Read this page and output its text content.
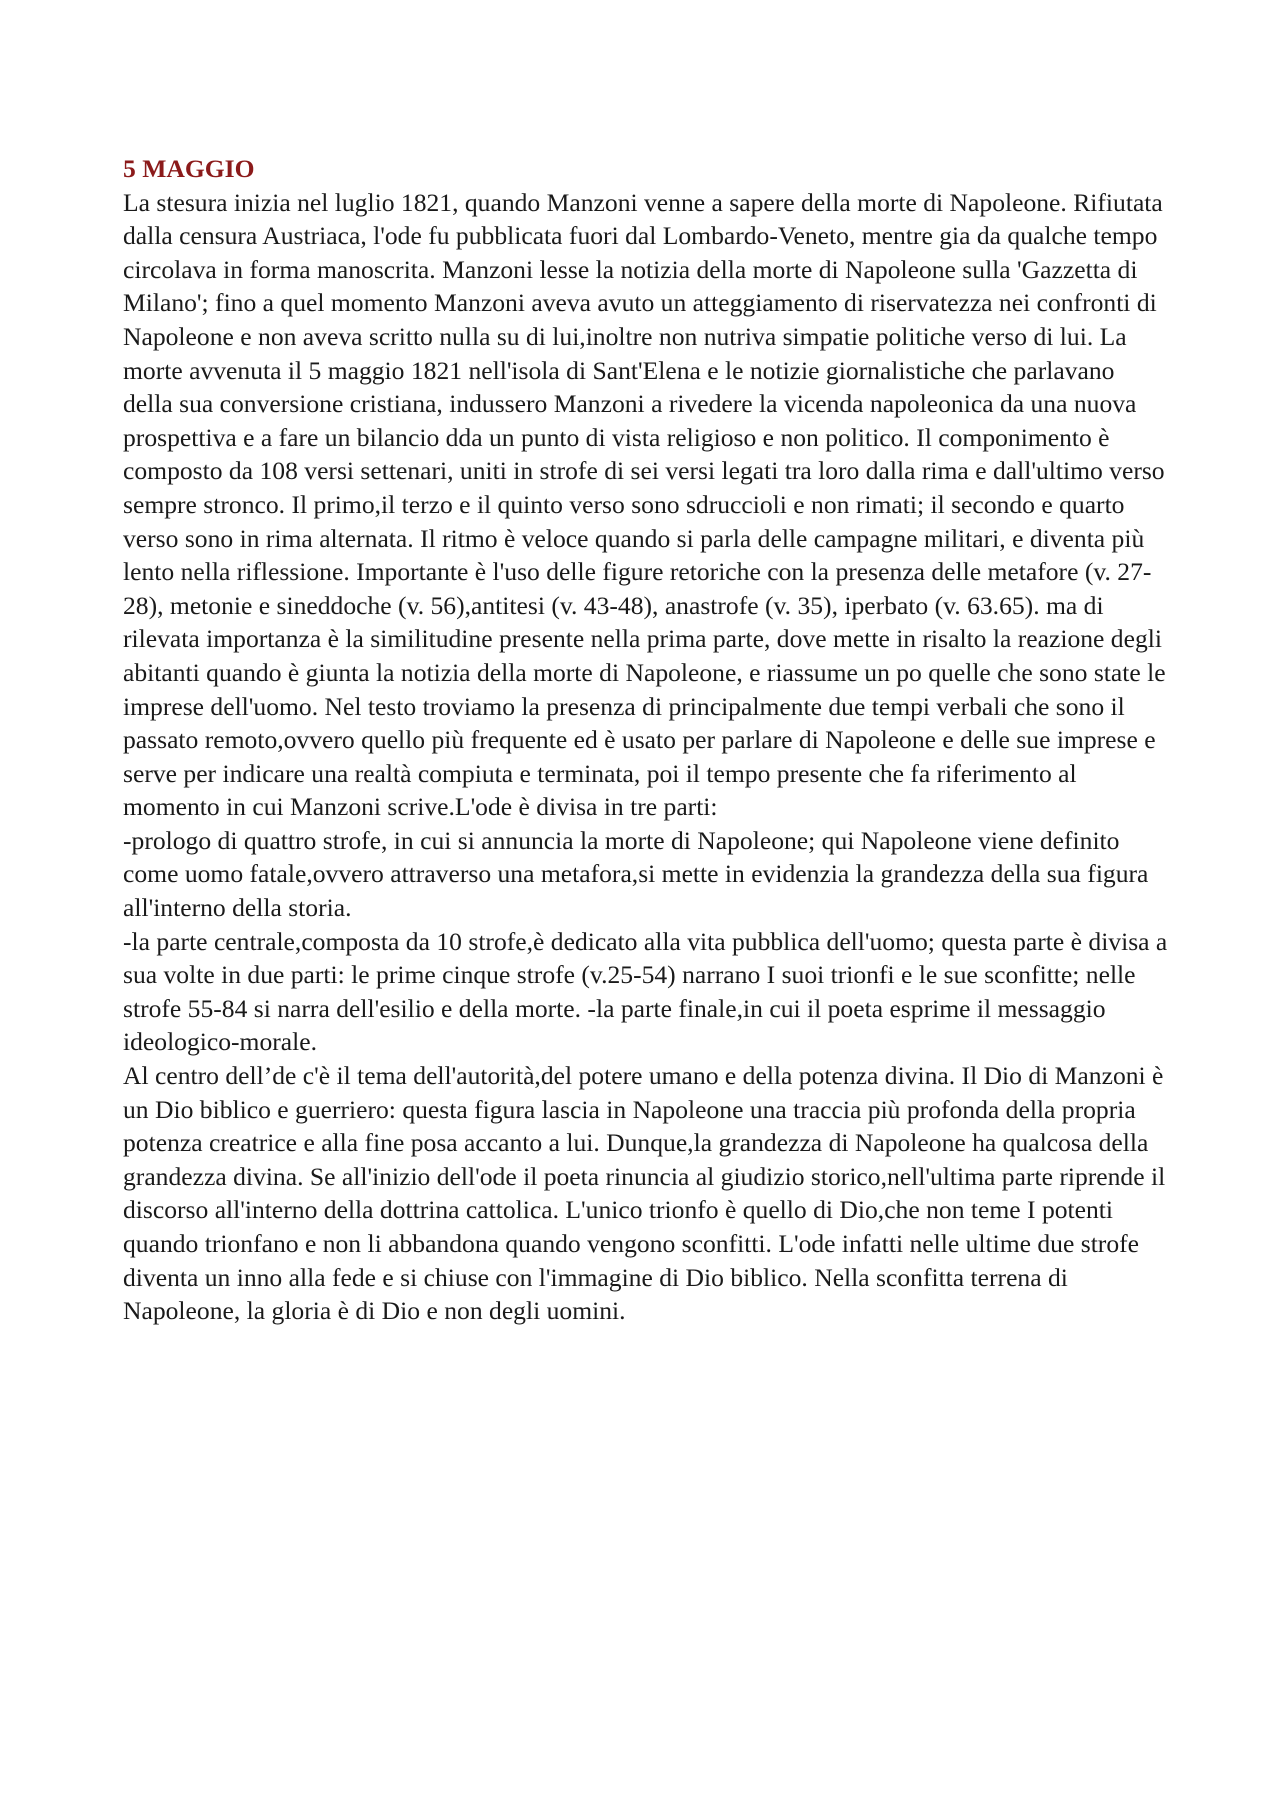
5 MAGGIO

La stesura inizia nel luglio 1821, quando Manzoni venne a sapere della morte di Napoleone. Rifiutata dalla censura Austriaca, l'ode fu pubblicata fuori dal Lombardo-Veneto, mentre gia da qualche tempo circolava in forma manoscrita. Manzoni lesse la notizia della morte di Napoleone sulla 'Gazzetta di Milano'; fino a quel momento Manzoni aveva avuto un atteggiamento di riservatezza nei confronti di Napoleone e non aveva scritto nulla su di lui,inoltre non nutriva simpatie politiche verso di lui. La morte avvenuta il 5 maggio 1821 nell'isola di Sant'Elena e le notizie giornalistiche che parlavano della sua conversione cristiana, indussero Manzoni a rivedere la vicenda napoleonica da una nuova prospettiva e a fare un bilancio dda un punto di vista religioso e non politico. Il componimento è composto da 108 versi settenari, uniti in strofe di sei versi legati tra loro dalla rima e dall'ultimo verso sempre stronco. Il primo,il terzo e il quinto verso sono sdruccioli e non rimati; il secondo e quarto verso sono in rima alternata. Il ritmo è veloce quando si parla delle campagne militari, e diventa più lento nella riflessione. Importante è l'uso delle figure retoriche con la presenza delle metafore (v. 27-28), metonie e sineddoche (v. 56),antitesi (v. 43-48), anastrofe (v. 35), iperbato (v. 63.65). ma di rilevata importanza è la similitudine presente nella prima parte, dove mette in risalto la reazione degli abitanti quando è giunta la notizia della morte di Napoleone, e riassume un po quelle che sono state le imprese dell'uomo. Nel testo troviamo la presenza di principalmente due tempi verbali che sono il passato remoto,ovvero quello più frequente ed è usato per parlare di Napoleone e delle sue imprese e serve per indicare una realtà compiuta e terminata, poi il tempo presente che fa riferimento al momento in cui Manzoni scrive.L'ode è divisa in tre parti:

-prologo di quattro strofe, in cui si annuncia la morte di Napoleone; qui Napoleone viene definito come uomo fatale,ovvero attraverso una metafora,si mette in evidenzia la grandezza della sua figura all'interno della storia.

-la parte centrale,composta da 10 strofe,è dedicato alla vita pubblica dell'uomo; questa parte è divisa a sua volte in due parti: le prime cinque strofe (v.25-54) narrano I suoi trionfi e le sue sconfitte; nelle strofe 55-84 si narra dell'esilio e della morte. -la parte finale,in cui il poeta esprime il messaggio ideologico-morale.

Al centro dell’de c'è il tema dell'autorità,del potere umano e della potenza divina. Il Dio di Manzoni è un Dio biblico e guerriero: questa figura lascia in Napoleone una traccia più profonda della propria potenza creatrice e alla fine posa accanto a lui. Dunque,la grandezza di Napoleone ha qualcosa della grandezza divina. Se all'inizio dell'ode il poeta rinuncia al giudizio storico,nell'ultima parte riprende il discorso all'interno della dottrina cattolica. L'unico trionfo è quello di Dio,che non teme I potenti quando trionfano e non li abbandona quando vengono sconfitti. L'ode infatti nelle ultime due strofe diventa un inno alla fede e si chiuse con l'immagine di Dio biblico. Nella sconfitta terrena di Napoleone, la gloria è di Dio e non degli uomini.
